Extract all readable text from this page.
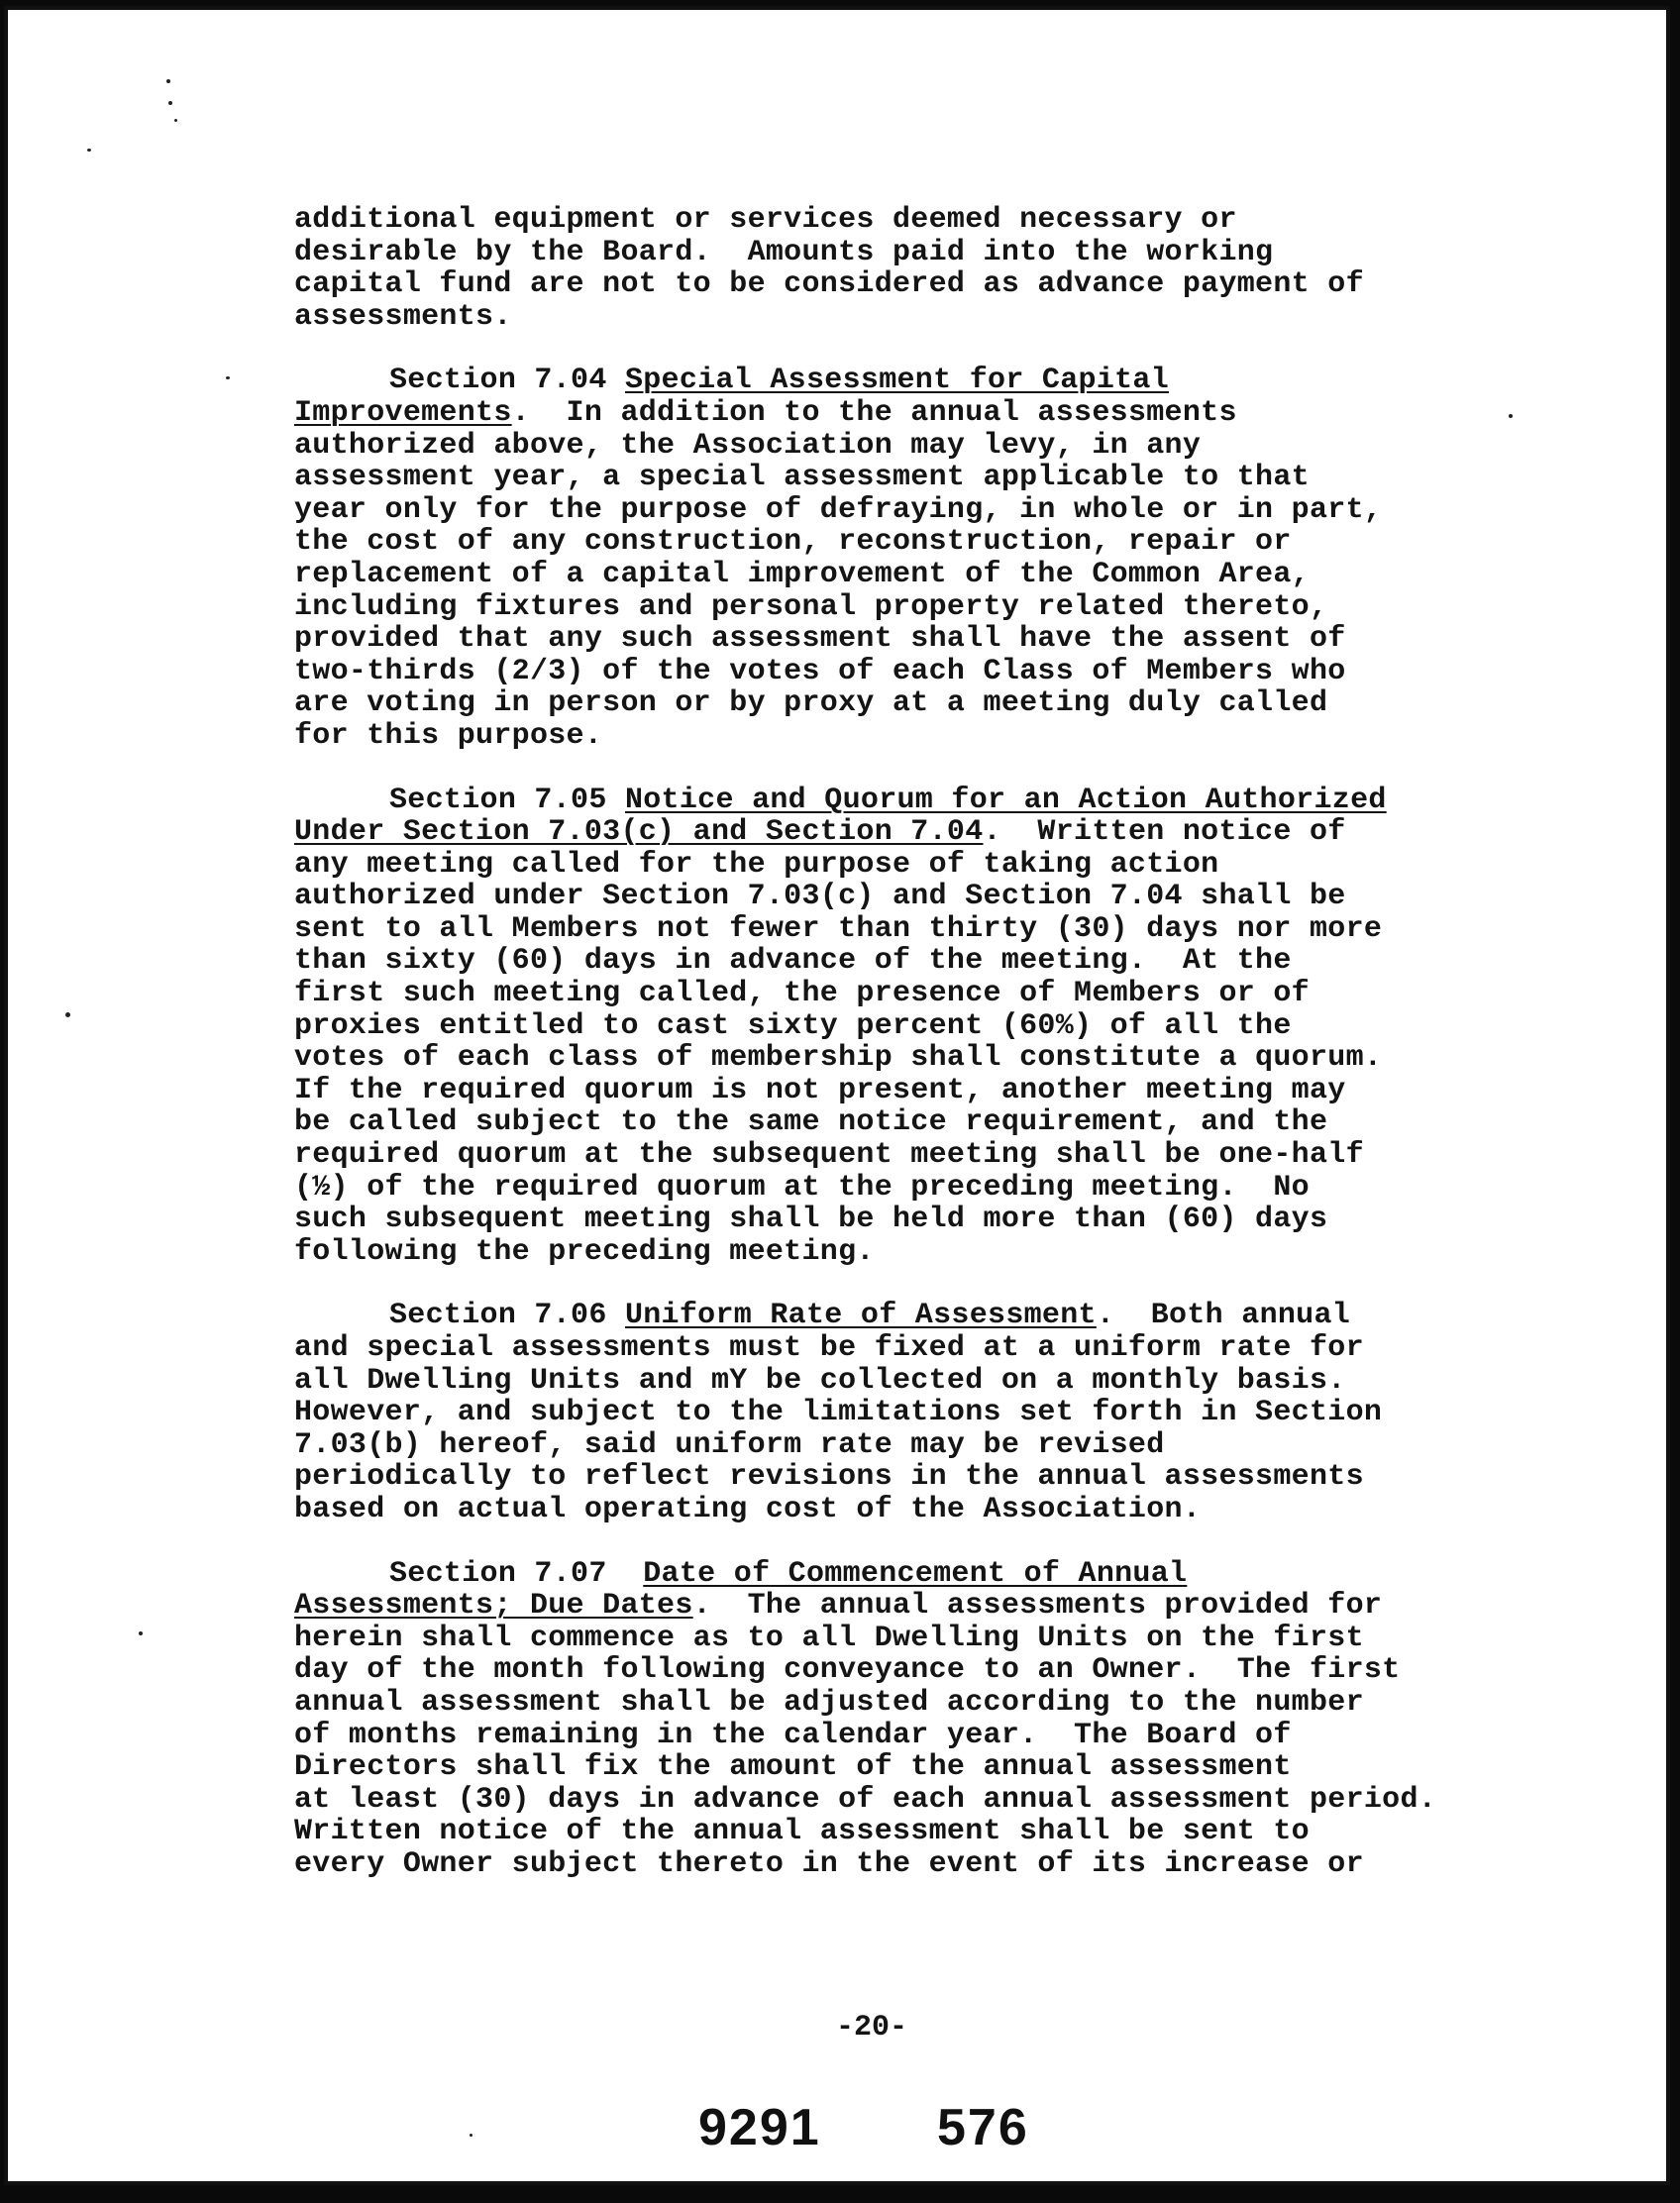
additional equipment or services deemed necessary or
desirable by the Board.  Amounts paid into the working
capital fund are not to be considered as advance payment of
assessments.
Section 7.04 Special Assessment for Capital
Improvements.  In addition to the annual assessments
authorized above, the Association may levy, in any
assessment year, a special assessment applicable to that
year only for the purpose of defraying, in whole or in part,
the cost of any construction, reconstruction, repair or
replacement of a capital improvement of the Common Area,
including fixtures and personal property related thereto,
provided that any such assessment shall have the assent of
two-thirds (2/3) of the votes of each Class of Members who
are voting in person or by proxy at a meeting duly called
for this purpose.
Section 7.05 Notice and Quorum for an Action Authorized
Under Section 7.03(c) and Section 7.04.  Written notice of
any meeting called for the purpose of taking action
authorized under Section 7.03(c) and Section 7.04 shall be
sent to all Members not fewer than thirty (30) days nor more
than sixty (60) days in advance of the meeting.  At the
first such meeting called, the presence of Members or of
proxies entitled to cast sixty percent (60%) of all the
votes of each class of membership shall constitute a quorum.
If the required quorum is not present, another meeting may
be called subject to the same notice requirement, and the
required quorum at the subsequent meeting shall be one-half
(½) of the required quorum at the preceding meeting.  No
such subsequent meeting shall be held more than (60) days
following the preceding meeting.
Section 7.06 Uniform Rate of Assessment.  Both annual
and special assessments must be fixed at a uniform rate for
all Dwelling Units and mY be collected on a monthly basis.
However, and subject to the limitations set forth in Section
7.03(b) hereof, said uniform rate may be revised
periodically to reflect revisions in the annual assessments
based on actual operating cost of the Association.
Section 7.07 Date of Commencement of Annual
Assessments; Due Dates.  The annual assessments provided for
herein shall commence as to all Dwelling Units on the first
day of the month following conveyance to an Owner.  The first
annual assessment shall be adjusted according to the number
of months remaining in the calendar year.  The Board of
Directors shall fix the amount of the annual assessment
at least (30) days in advance of each annual assessment period.
Written notice of the annual assessment shall be sent to
every Owner subject thereto in the event of its increase or
-20-
9291 576
